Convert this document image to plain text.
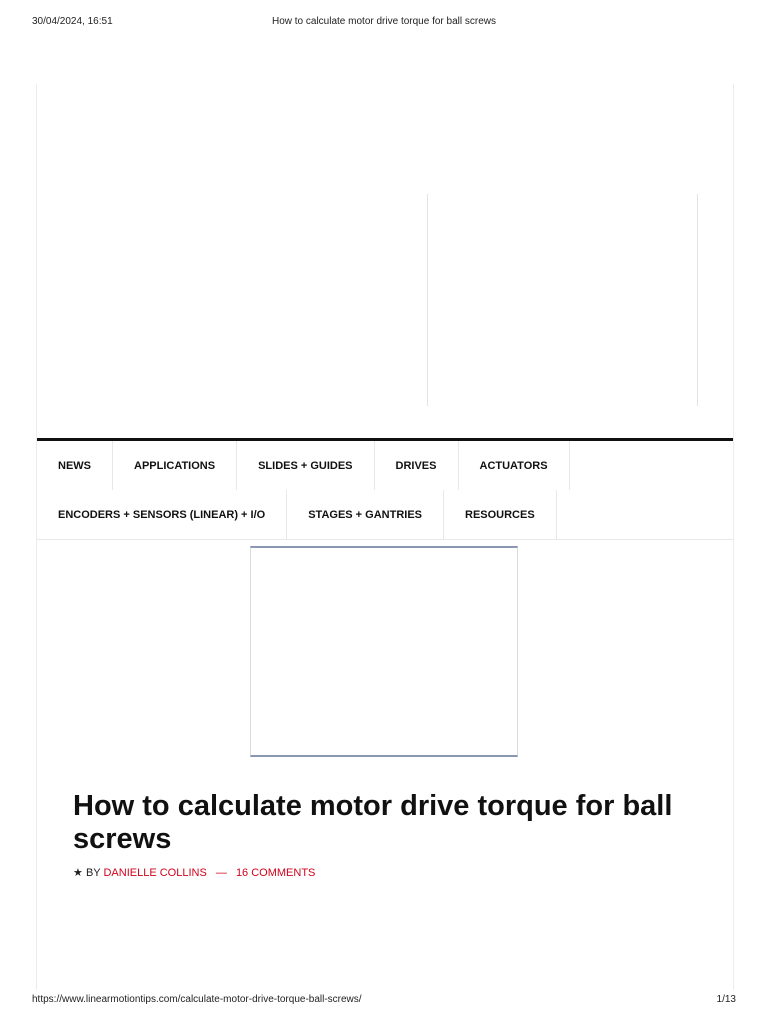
30/04/2024, 16:51	How to calculate motor drive torque for ball screws
NEWS	APPLICATIONS	SLIDES + GUIDES	DRIVES	ACTUATORS
ENCODERS + SENSORS (LINEAR) + I/O	STAGES + GANTRIES	RESOURCES
How to calculate motor drive torque for ball screws
★ BY DANIELLE COLLINS — 16 COMMENTS
https://www.linearmotiontips.com/calculate-motor-drive-torque-ball-screws/	1/13
